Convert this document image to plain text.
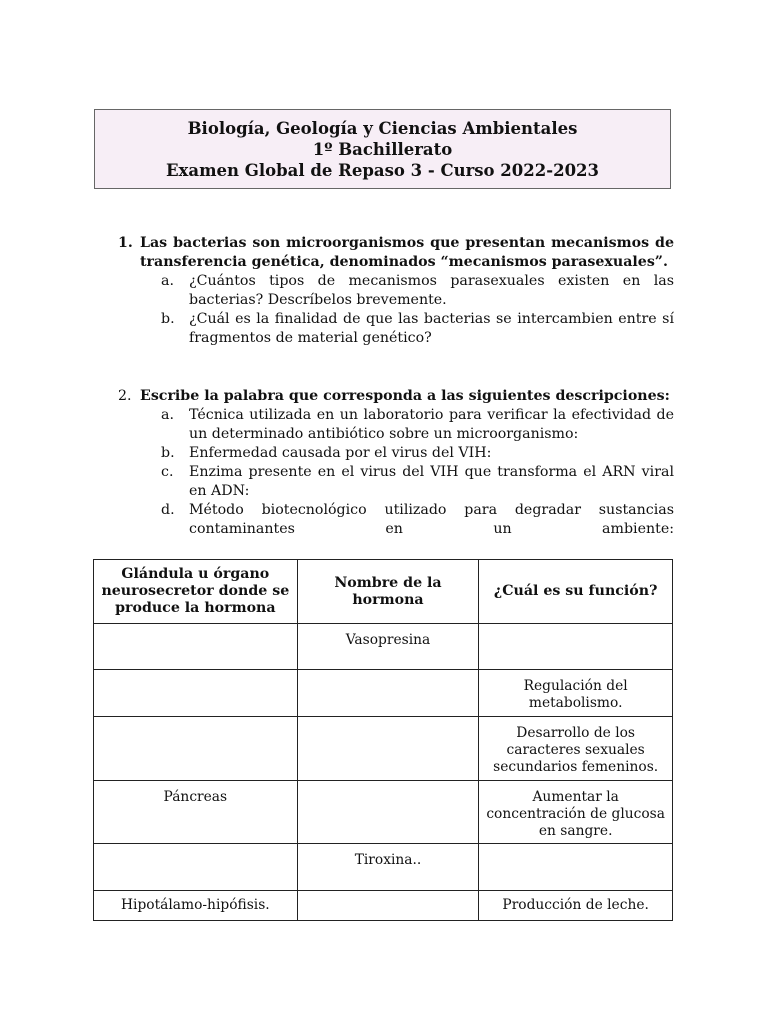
Biología, Geología y Ciencias Ambientales
1º Bachillerato
Examen Global de Repaso 3 - Curso 2022-2023
1. Las bacterias son microorganismos que presentan mecanismos de transferencia genética, denominados “mecanismos parasexuales”.
a. ¿Cuántos tipos de mecanismos parasexuales existen en las bacterias? Descríbelos brevemente.
b. ¿Cuál es la finalidad de que las bacterias se intercambien entre sí fragmentos de material genético?
2. Escribe la palabra que corresponda a las siguientes descripciones:
a. Técnica utilizada en un laboratorio para verificar la efectividad de un determinado antibiótico sobre un microorganismo:
b. Enfermedad causada por el virus del VIH:
c. Enzima presente en el virus del VIH que transforma el ARN viral en ADN:
d. Método biotecnológico utilizado para degradar sustancias contaminantes en un ambiente:
Glándula u órgano neurosecretor donde se produce la hormona	Nombre de la hormona	¿Cuál es su función?
	Vasopresina	
		Regulación del metabolismo.
		Desarrollo de los caracteres sexuales secundarios femeninos.
Páncreas		Aumentar la concentración de glucosa en sangre.
	Tiroxina..	
Hipotálamo-hipófisis.		Producción de leche.
